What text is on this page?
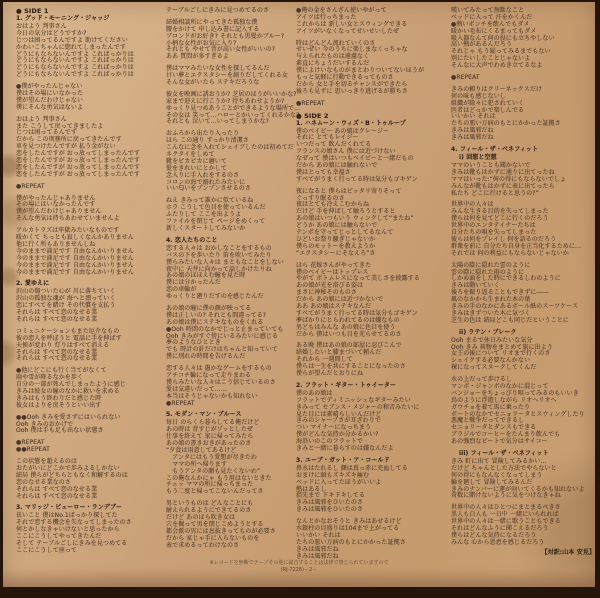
● SIDE 1
1. グッド・モーニング・ジャッジ
おはよう 判事さん
今日の気分はどうですか?
じつは困ってるんですよ 助けてください
かわいこちゃんに惚れてしまったんです
どうにもならないんですよ こればっかりは
どうにもならないんですよ こればっかりは
どうにもならないんですよ こればっかりは
どうにもならないんですよ こればっかりは
●僕がやったんじゃない
僕はその場にいなかった
僕が望んだわけじゃない
僕にそんな勇気はないよ
おはよう 判事さん
また こうして戻ってきましたよ
じつは困ってるんです
だから この刑務所に戻ってきたんです
車を見つけたんですが 払う金がない
恋をしたんですが おっ放ってしまったんです
恋をしたんですが おっ放ってしまったんです
恋をしたんですが おっ放ってしまったんです
恋をしたんですが おっ放ってしまったんです
●REPEAT
僕がやったんじゃありません
その場にはいなかったんです
僕が望んだわけじゃありません
そんな勇気は持ちあわせていませんよ
アルカトラズは牢獄みたいなものです
暖かくて ちっとも寂しくなんかありません
他に行く所もありませんしね
今のままで満足です 自由なんかいりません
今のままで満足です 自由なんかいりません
今のままで満足です 自由なんかいりません
今のままで満足です 自由なんかいりません
2. 愛ゆえに
沢山の傷ついた心が 川に落ちていく
沢山の孤独な魂が 海へと漂っていく
恋にすべてを賭け その代償を支払う
それらは すべて恋のなせる業
それらは すべて恋のなせる業
コミュニケーションもまた厄介なもの
彼の恋人を呼ぼうと 電話に手を伸ばす
天候が変わり 灯りはすべて消える
それらは すべて恋のなせる業
それらは すべて恋のなせる業
●他にどこにも行く当てがなくて
雨や雪が降るなかを歩く
自分の一部が死んでしまったように感じ
きみは彼女の瞳のなかに救いを求める
きみはもう終わりだと感じた時
彼女はよりを戻そうといい出す
●●Ooh きみを愛さずにはいられない
Ooh きみのおかげで
Ooh 僕は手も足も出ない状態さ
●REPEAT
●●REPEAT
この状態を超えるのは
おたがいにどこかで歩みよるしかない
結局 僕らがどちらともなく和解するのは
恋のなせる業なのさ
それらは すべて恋のなせる業
それらは すべて恋のなせる業
3. マリッジ・ビューロー・ランデブー
長いこと 僕はNo.1ばっかり探してた
それで恋する機会を失なってしまったのさ
何とかしなきゃいけないと思ったから
ここにこうしてやってきたんだ
そして テーブルごしにきみを見つめてる
ここにこうして座って
テーブルごしにきみに見つめてるのさ
結婚相談所にやってきた孤独な僕
腰をかけて 申し込み書に記入する
ブロンドがお好き? それとも黒髪かブルー?
小柄な女性がお気に入り?
それとも やせて背が高い女性がいいの?
ああ 質問が多すぎるよ
僕はママみたいな女性を探してるんだ
甘い夢とエクスタシーを創りだしてくれる女
そんな女がいたら ステキだろうな
彼女を映画に誘おうか? 芝居のほうがいいかな?
家まで迎えに行こうか? 待ちあわせようか?
ゆっくり見つめあうことができるような場所で…
その女は 笑って…ハローとかいってくれるかな?
それとも 泣いて…いってしまうかな?
おふろから出たり入ったり
ほら この通り すっかり清潔さ
こんなに念を入れてシェイブしたのは初めてだ
ネクタイをしめて
靴をピカピカに磨いて
髪をきれいにとかして
念入りに手入れをするのさ
コロンの海で溺れたみたいに
いい匂いをプンプンさせるのさ
ねえ きみって誰かに似ているね
ホラ こうして色目を使っているんだ
ふたりして ここを出ようよ
ファイルを閉じて ページをめくって
新しくスタートしてみないか
4. 恋人たちのこと
恋する人々は おかしなことをするもの
バスの下を歩いたり 笛を吹いてみたり
僕らみたいな人々は まともなことをしない
夜中に 天井に向かって話しかけたりね
あの娘のほほえむ瞳を見た時
僕には分かったんだ
恋の車輪が
ゆっくりと廻りだすのを感じたんだ
あの娘の瞳に僕の顔が映ってる
僕は正しいの? それとも間違ってる?
あの娘は僕にステキなものをくれる
●Ooh 時間のなかでじっと止まっていても
Ooh きみがすぐ傍にいるみたいに感じる
夢のようなひととき
でも 時計の針だけはちゃんと知っていて
僕に別れの時間を告げるんだ
恋する人々は 愚かなゲームをするもの
アチコチ輪になって走りまわる
僕らみたいな人々はこう信じているのさ
愛は気違いだって……
本当はそうじゃないかも知れない
●REPEAT
5. モダン・マン・ブルース
毎日 のらくら暮らしてる俺だけど
あの時は 背すじがゾッとしたぜ
仕事を終えて 家に帰ってみたら
あの娘の書きおきがあったのさ
“夕食は用意してあるけど
　アンタにはもう愛想が尽きたわ
　ママの所へ帰ります
　もうアンタの顔も見たくないわ”
この俺なんかにゃ もう用はないときた
チェッ ママの所に帰っちまった
もう二度と帰ってこないんだってさ
男というものは どんなことにも
耐えられるようにできてるのさ
だけど あのほら吹き女は
穴を掘って男を閉じこめようとする
都会派の男には息抜きってものが必要さ
だから 家じゃ手に入らないものを
表で求めるってわけなのさ
●俺の金をさんざん使いやがって
アイツは行っちまった
これからは 新しい女とスウィングできる
アイツがいなくなってせいせいしたぜ
時はどんどん流れていくのさ
せいぜい 今のうちに楽しまなくっちゃな
与えられたものは遠慮なく
素直にちょうだいするんだ
僕によけいなものがまとわりついてないほうが
もっと気軽に行動できるってものさ
だから 女と手を切るチャンスができたら
後ろも見ずに 思いっきり逃げるが勝ちさ
●REPEAT
● SIDE 2
1. ハネムーン・ウィズ・B・トゥループ
僕のベイビー あの娘はクレージー
それに とてもレイジー
いつだって 飲んだくれてる
フランスの娘さん 僕には近づけない
なぜって 僕はいつもベイビーと一緒だもの
だから あの娘には触れないで
僕はとっても幸福さ
すべてがうまく行ってる時は気分もゴキゲン
夜になると 僕らはピッタリ寄りそって
ぐっすり眠るのさ
夜はとても冷えこむからね
だけど 手を伸ばして触ろうとすると
あの娘はいつもいう ウィンクして“またね”
どうか あの娘には触らないで
テンポを守ってじっとしてるなんて
ひどいお祭り騒ぎじゃないか
僕らのモットーを教えようか
“エクスタシーにそなえろ”さ
ほら 花嫁さんがやってきた
僕のベイビーはトップレス
やがて ボトムレスになって美しさを披露する
あの娘が光を浴びる姿は
まさに神秘そのものさ
だから あの娘には近づかないで
ああ あの娘はステキなんだ
すべてがうまく行ってる時は気分もゴキゲン
夢ばかりにとらわれてるのは嫌なもの
男どもはみんな あの娘に色目を使う
だから 僕はいつも目を光らせてるのさ
ある晩 僕はあの娘の部屋に忍びこんで
結婚したいと膝まづいて頼んだ
それから 一週間して
僕らは一生を共にすることになったのさ
僕らが望んだとおりにね
2. フラット・ギター・トゥイーター
僕のあの娘は
フラットでディミニッシュなギターみたい
きみって セブンス・メジャーの和音みたいに
見た目には素晴らしいんだけど
きみのシャープさが耳ざわりで
つい マイナーになっちまう
僕がどんな気持か分かるかい?
海沿いのこのフラットで
きみと一緒に暮らすのは嫌なんだよ
3. ユーブ・ガット・ア・コールド
鼻水はたれるし 顔は真っ赤に充血してる
おまけに頭もズキズキ痛む
ベッドに入ってたほうがいいよ
熱はあるし
指先まで ドキドキしてる
きみは風邪をひいたのさ
きみは風邪をひいたのさ
なんとかなおそうと きみはあせるけど
水銀柱の目盛りは104まで上がってる
いいかい それは
たちの悪い万病のもとにかかった証拠さ
きみは風邪だね
きみは風邪だね
嘆いてみたって無駄なこと
ベッドに入って 汗をかくんだ
●熱いポンチを飲んでもダメ
暖かい毛布にくるまってもダメ
吸入器なんて何の役にも立ちやしない
高い熱があるんだろう
それじゃ もう疑ってみるまでもない
別にたいしたことじゃないよ
そんなに大声でわめき立てるなよ
●REPEAT
きみの頼りはクリーネックスだけ
何の味も感じないし
組織が除々に犯されていく
医者はどっかで楽しんでる
いいかい それは
たちの悪い万病のもとにかかった証拠さ
きみは風邪だね
きみは風邪だね
4. フィール・ザ・ベネフィット
i) 回想と空想
ママのいうことも聞かないで
きみは靴もはかずに通りに出てったね
ママはいった:“何の得にもならないでしょ
みんなが靴もはかずに表に出てったら
私たち どこに行けると思うの?”
世界中の人々は
みんな生きる目的を失ってしまった
僕らは何を見てどこに行くのだろう
世界中のエンタテイナーたちは
自分たちの唄を失ってしまった
彼らは何をプレイし 何を語るのだろう
群衆を前に 自分たち自身を正当化するために…
それでは 何の利益にもならないじゃないか
太陽の陰に隠れた雲のように
雲の陰に隠れた雨のように
しかめ面をした時にできるしわのように
きみは動いていく
後ろを振り返ることもできずに――
風のなかから生まれた木の葉
きみの手のなかにあるボール紙のスーツケース
きみはきずついた木に気づく
芝生の色は 結局どこも同じだということに
ii) ラテン・ブレーク
Ooh まるで休日みたいな気分
Ooh きみ 荷物をまとめて旅に出よう
女王の後について リオまで行くのさ
シェイクする必要なんかない
裸になってスヌークしてくんだ
水の上だって歩けるし
マンボ・ジャンボのなかに混じって
バンジョーをちょっぴり唄ってみるのもいいき
鳥のように浮遊しながら リオへリオへ
ガウチョを着て馬に乗ったり
ボートのなかでセニョリータとスウィングしたり
悪魔と戦争だってできるし
セニョリータとダンスもできる
ブラジルでコーヒーをたんまり飲んでも
あの強烈なビートで気分はサイコー
iii) フィール・ザ・ベネフィット
きみ 町に出て 冒険してみるかい…
だけど ちゃんとした方法でやらないと
何の得にもなんなくなってしまう
輪を廻して 冒険してみるんだ
きみのナンバーに運が向いてくるかも知れないよ
奇数に賭けないように気をつけなきゃね
世界中の人々はひとつにまとまるべきさ
黒人も白人も 一日中 一緒にいられれば
世界中の人々は一緒に歌うこともできる
それはどんなふうに聞こえるだろう
僕らはどんな気持になるだろう
みんな 心から恩恵を感じるだろう
【対訳:山本 安見】
※レコードを無断でテープその他に録音することは法律で禁じられていますので
(RJ-7226)－2－
